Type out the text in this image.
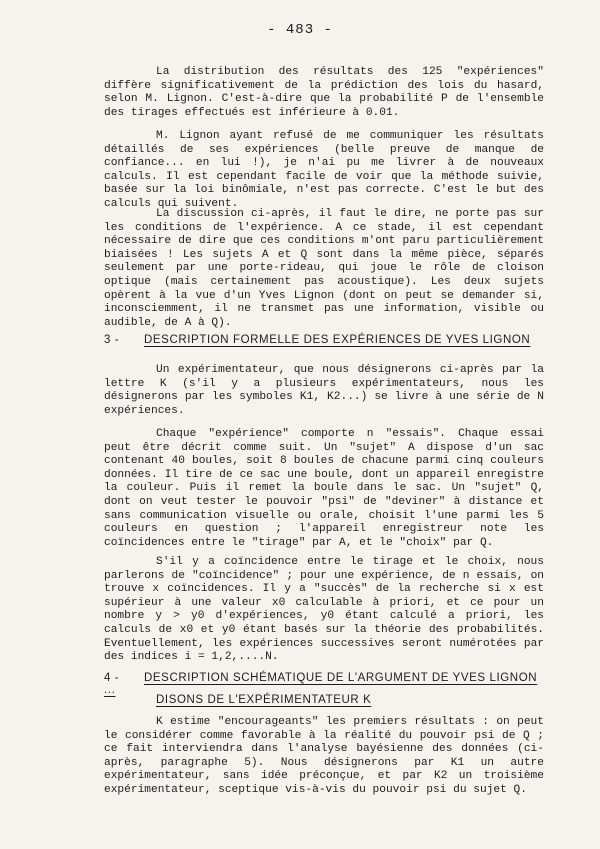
- 483 -

La distribution des résultats des 125 "expériences" diffère significativement de la prédiction des lois du hasard, selon M. Lignon. C'est-à-dire que la probabilité P de l'ensemble des tirages effectués est inférieure à 0.01.

M. Lignon ayant refusé de me communiquer les résultats détaillés de ses expériences (belle preuve de manque de confiance... en lui !), je n'ai pu me livrer à de nouveaux calculs. Il est cependant facile de voir que la méthode suivie, basée sur la loi binômiale, n'est pas correcte. C'est le but des calculs qui suivent.

La discussion ci-après, il faut le dire, ne porte pas sur les conditions de l'expérience. A ce stade, il est cependant nécessaire de dire que ces conditions m'ont paru particulièrement biaisées ! Les sujets A et Q sont dans la même pièce, séparés seulement par une porte-rideau, qui joue le rôle de cloison optique (mais certainement pas acoustique). Les deux sujets opèrent à la vue d'un Yves Lignon (dont on peut se demander si, inconsciemment, il ne transmet pas une information, visible ou audible, de A à Q).

3 - DESCRIPTION FORMELLE DES EXPÉRIENCES DE YVES LIGNON

Un expérimentateur, que nous désignerons ci-après par la lettre K (s'il y a plusieurs expérimentateurs, nous les désignerons par les symboles K1, K2...) se livre à une série de N expériences.

Chaque "expérience" comporte n "essais". Chaque essai peut être décrit comme suit. Un "sujet" A dispose d'un sac contenant 40 boules, soit 8 boules de chacune parmi cinq couleurs données. Il tire de ce sac une boule, dont un appareil enregistre la couleur. Puis il remet la boule dans le sac. Un "sujet" Q, dont on veut tester le pouvoir "psi" de "deviner" à distance et sans communication visuelle ou orale, choisit l'une parmi les 5 couleurs en question ; l'appareil enregistreur note les coïncidences entre le "tirage" par A, et le "choix" par Q.

S'il y a coïncidence entre le tirage et le choix, nous parlerons de "coïncidence" ; pour une expérience, de n essais, on trouve x coïncidences. Il y a "succès" de la recherche si x est supérieur à une valeur x0 calculable à priori, et ce pour un nombre y > y0 d'expériences, y0 étant calculé a priori, les calculs de x0 et y0 étant basés sur la théorie des probabilités. Eventuellement, les expériences successives seront numérotées par des indices i = 1,2,....N.

4 - DESCRIPTION SCHÉMATIQUE DE L'ARGUMENT DE YVES LIGNON ...
DISONS DE L'EXPÉRIMENTATEUR K

K estime "encourageants" les premiers résultats : on peut le considérer comme favorable à la réalité du pouvoir psi de Q ; ce fait interviendra dans l'analyse bayésienne des données (ci-après, paragraphe 5). Nous désignerons par K1 un autre expérimentateur, sans idée préconçue, et par K2 un troisième expérimentateur, sceptique vis-à-vis du pouvoir psi du sujet Q.
